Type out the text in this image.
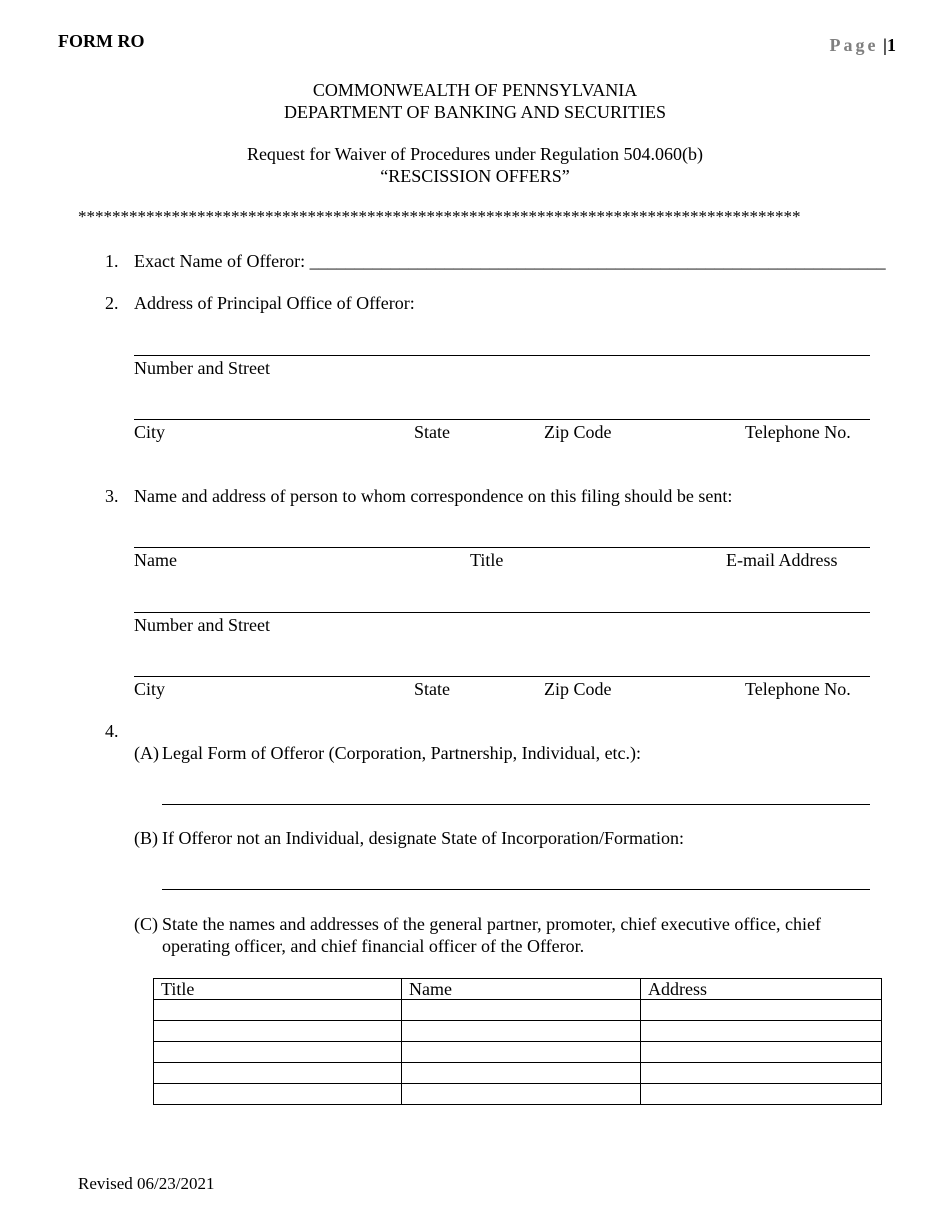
FORM RO	Page |1
COMMONWEALTH OF PENNSYLVANIA
DEPARTMENT OF BANKING AND SECURITIES
Request for Waiver of Procedures under Regulation 504.060(b)
“RESCISSION OFFERS”
*************************************************************************************
1. Exact Name of Offeror: ________________________________________________________________
2. Address of Principal Office of Offeror:
Number and Street
City	State	Zip Code	Telephone No.
3. Name and address of person to whom correspondence on this filing should be sent:
Name	Title	E-mail Address
Number and Street
City	State	Zip Code	Telephone No.
4.
(A) Legal Form of Offeror (Corporation, Partnership, Individual, etc.):
(B) If Offeror not an Individual, designate State of Incorporation/Formation:
(C) State the names and addresses of the general partner, promoter, chief executive office, chief
operating officer, and chief financial officer of the Offeror.
Title	Name	Address

Revised 06/23/2021
